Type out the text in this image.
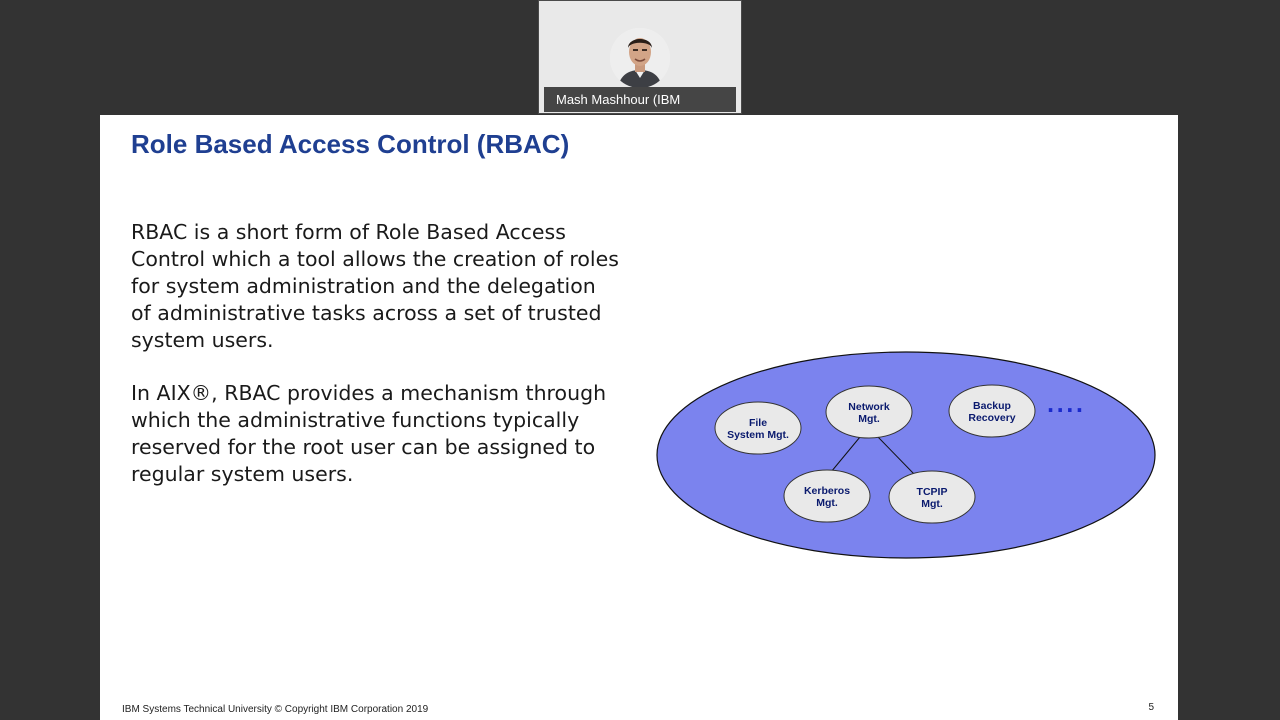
Mash Mashhour (IBM
Role Based Access Control (RBAC)

RBAC is a short form of Role Based Access Control which a tool allows the creation of roles for system administration and the delegation of administrative tasks across a set of trusted system users.

In AIX®, RBAC provides a mechanism through which the administrative functions typically reserved for the root user can be assigned to regular system users.

File
System Mgt.
Network
Mgt.
Backup
Recovery
Kerberos
Mgt.
TCPIP
Mgt.
....
IBM Systems Technical University © Copyright IBM Corporation 2019	5
